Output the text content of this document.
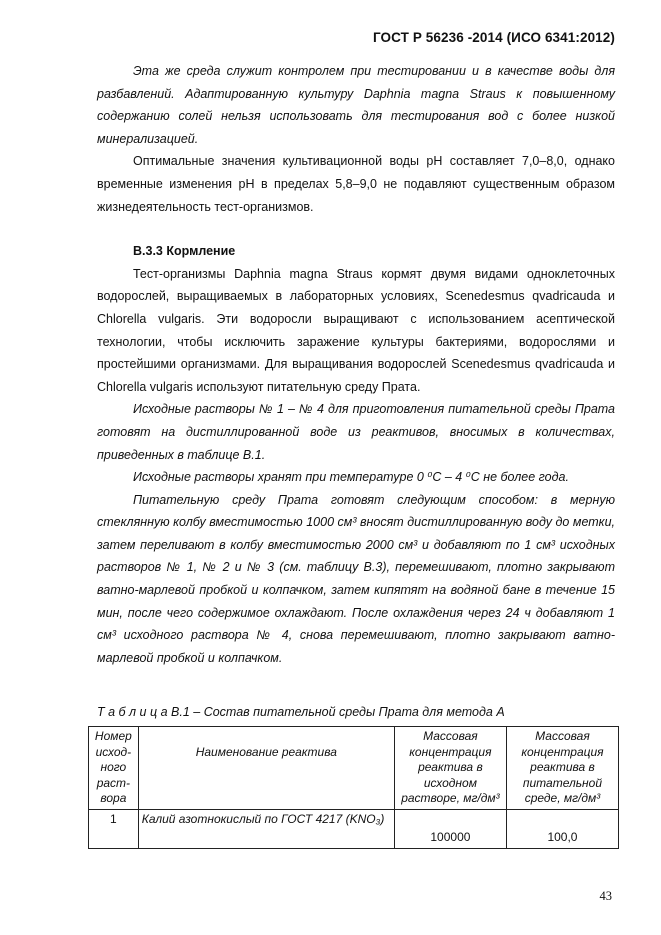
ГОСТ Р 56236 -2014 (ИСО 6341:2012)

Эта же среда служит контролем при тестировании и в качестве воды для разбавлений. Адаптированную культуру Daphnia magna Straus к повышенному содержанию солей нельзя использовать для тестирования вод с более низкой минерализацией.

Оптимальные значения культивационной воды pH составляет 7,0–8,0, однако временные изменения pH в пределах 5,8–9,0 не подавляют существенным образом жизнедеятельность тест-организмов.

В.3.3 Кормление

Тест-организмы Daphnia magna Straus кормят двумя видами одноклеточных водорослей, выращиваемых в лабораторных условиях, Scenedesmus qvadricauda и Chlorella vulgaris. Эти водоросли выращивают с использованием асептической технологии, чтобы исключить заражение культуры бактериями, водорослями и простейшими организмами. Для выращивания водорослей Scenedesmus qvadricauda и Chlorella vulgaris используют питательную среду Прата.

Исходные растворы № 1 – № 4 для приготовления питательной среды Прата готовят на дистиллированной воде из реактивов, вносимых в количествах, приведенных в таблице В.1.

Исходные растворы хранят при температуре 0 ⁰С – 4 ⁰С не более года.

Питательную среду Прата готовят следующим способом: в мерную стеклянную колбу вместимостью 1000 см³ вносят дистиллированную воду до метки, затем переливают в колбу вместимостью 2000 см³ и добавляют по 1 см³ исходных растворов № 1, № 2 и № 3 (см. таблицу В.3), перемешивают, плотно закрывают ватно-марлевой пробкой и колпачком, затем кипятят на водяной бане в течение 15 мин, после чего содержимое охлаждают. После охлаждения через 24 ч добавляют 1 см³ исходного раствора № 4, снова перемешивают, плотно закрывают ватно-марлевой пробкой и колпачком.

Т а б л и ц а В.1 – Состав питательной среды Прата для метода А
Номер исход-ного раст-вора	Наименование реактива	Массовая концентрация реактива в исходном растворе, мг/дм³	Массовая концентрация реактива в питательной среде, мг/дм³
1	Калий азотнокислый по ГОСТ 4217 (KNO₃)	100000	100,0
43
